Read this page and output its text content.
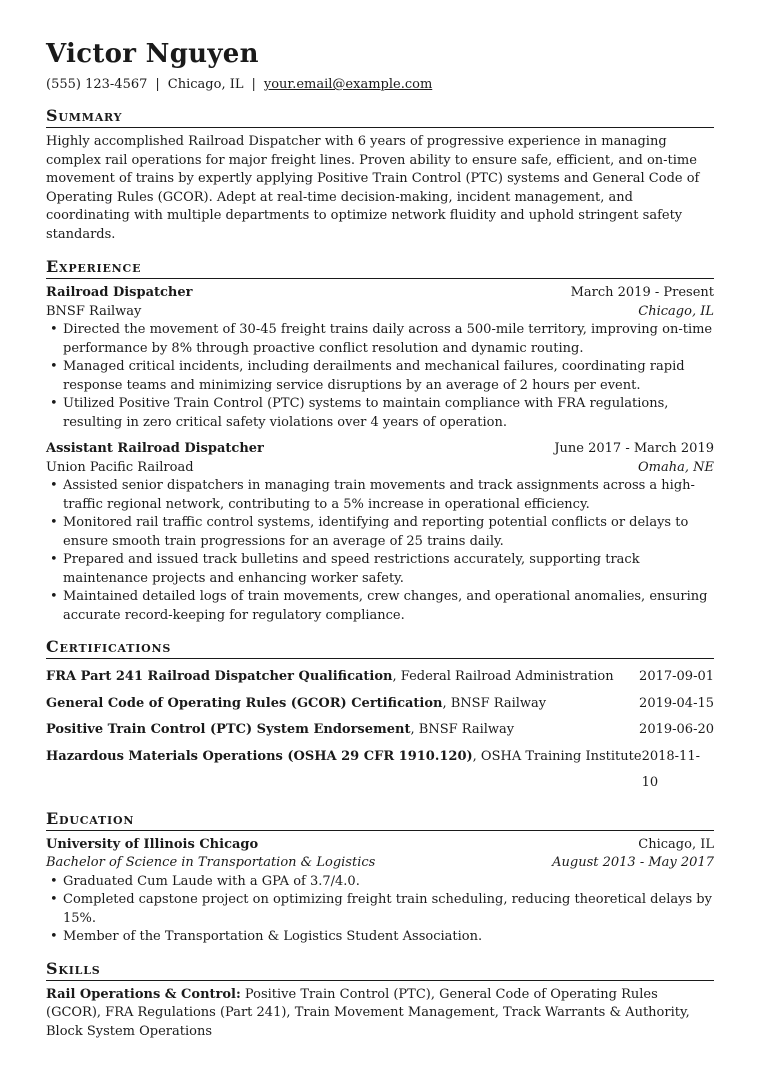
Victor Nguyen
(555) 123-4567 | Chicago, IL | your.email@example.com
Summary

Highly accomplished Railroad Dispatcher with 6 years of progressive experience in managing complex rail operations for major freight lines. Proven ability to ensure safe, efficient, and on-time movement of trains by expertly applying Positive Train Control (PTC) systems and General Code of Operating Rules (GCOR). Adept at real-time decision-making, incident management, and coordinating with multiple departments to optimize network fluidity and uphold stringent safety standards.

Experience
Railroad Dispatcher	March 2019 - Present
BNSF Railway	Chicago, IL
• Directed the movement of 30-45 freight trains daily across a 500-mile territory, improving on-time performance by 8% through proactive conflict resolution and dynamic routing.
• Managed critical incidents, including derailments and mechanical failures, coordinating rapid response teams and minimizing service disruptions by an average of 2 hours per event.
• Utilized Positive Train Control (PTC) systems to maintain compliance with FRA regulations, resulting in zero critical safety violations over 4 years of operation.
Assistant Railroad Dispatcher	June 2017 - March 2019
Union Pacific Railroad	Omaha, NE
• Assisted senior dispatchers in managing train movements and track assignments across a high-traffic regional network, contributing to a 5% increase in operational efficiency.
• Monitored rail traffic control systems, identifying and reporting potential conflicts or delays to ensure smooth train progressions for an average of 25 trains daily.
• Prepared and issued track bulletins and speed restrictions accurately, supporting track maintenance projects and enhancing worker safety.
• Maintained detailed logs of train movements, crew changes, and operational anomalies, ensuring accurate record-keeping for regulatory compliance.
Certifications
FRA Part 241 Railroad Dispatcher Qualification, Federal Railroad Administration 2017-09-01
General Code of Operating Rules (GCOR) Certification, BNSF Railway	2019-04-15
Positive Train Control (PTC) System Endorsement, BNSF Railway	2019-06-20
Hazardous Materials Operations (OSHA 29 CFR 1910.120), OSHA Training Institute 2018-11-10
Education
University of Illinois Chicago	Chicago, IL
Bachelor of Science in Transportation & Logistics	August 2013 - May 2017
• Graduated Cum Laude with a GPA of 3.7/4.0.
• Completed capstone project on optimizing freight train scheduling, reducing theoretical delays by 15%.
• Member of the Transportation & Logistics Student Association.
Skills
Rail Operations & Control: Positive Train Control (PTC), General Code of Operating Rules (GCOR), FRA Regulations (Part 241), Train Movement Management, Track Warrants & Authority, Block System Operations
